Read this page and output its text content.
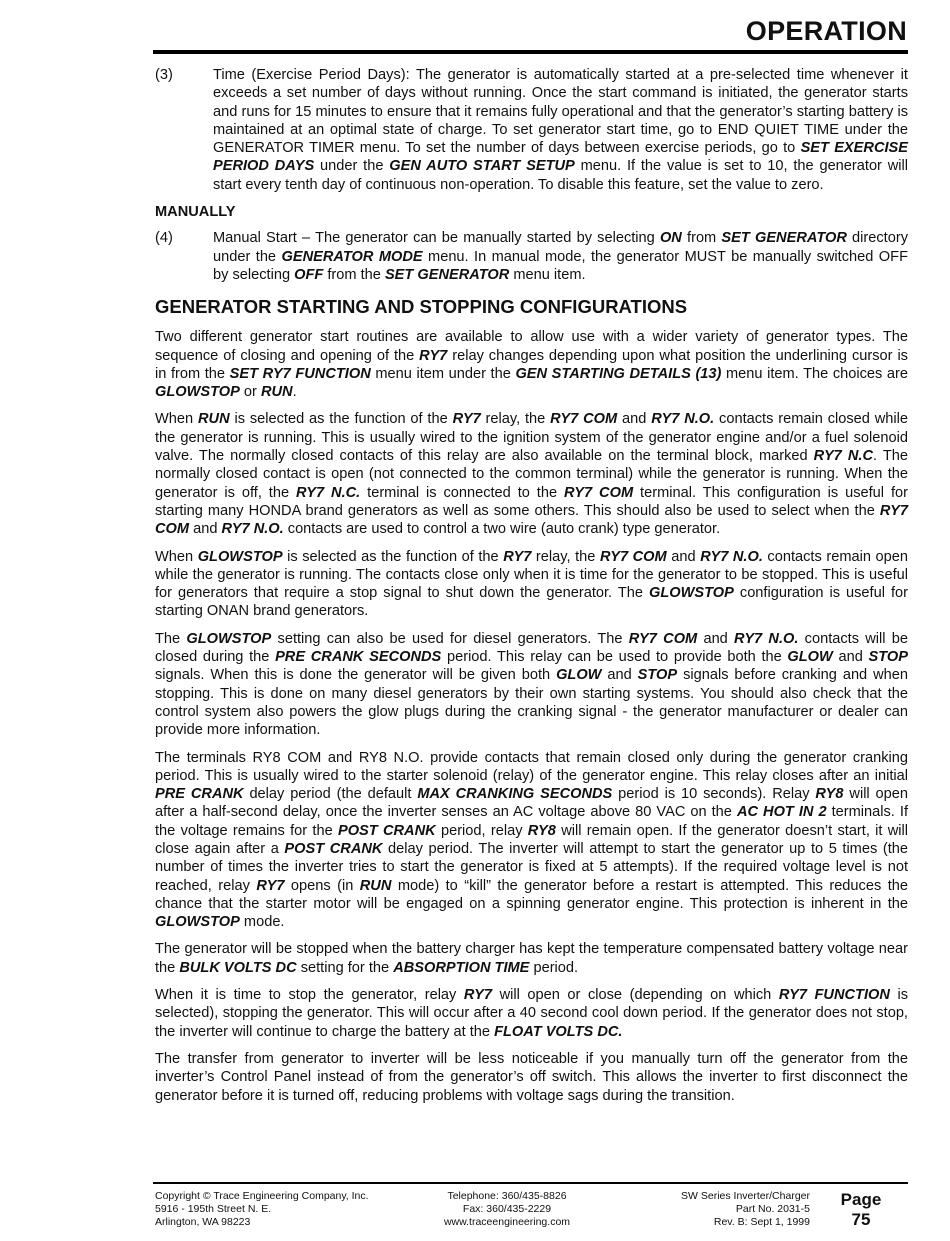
OPERATION
(3)	Time (Exercise Period Days): The generator is automatically started at a pre-selected time whenever it exceeds a set number of days without running. Once the start command is initiated, the generator starts and runs for 15 minutes to ensure that it remains fully operational and that the generator’s starting battery is maintained at an optimal state of charge. To set generator start time, go to END QUIET TIME under the GENERATOR TIMER menu. To set the number of days between exercise periods, go to SET EXERCISE PERIOD DAYS under the GEN AUTO START SETUP menu. If the value is set to 10, the generator will start every tenth day of continuous non-operation. To disable this feature, set the value to zero.
MANUALLY
(4)	Manual Start – The generator can be manually started by selecting ON from SET GENERATOR directory under the GENERATOR MODE menu. In manual mode, the generator MUST be manually switched OFF by selecting OFF from the SET GENERATOR menu item.
GENERATOR STARTING AND STOPPING CONFIGURATIONS

Two different generator start routines are available to allow use with a wider variety of generator types. The sequence of closing and opening of the RY7 relay changes depending upon what position the underlining cursor is in from the SET RY7 FUNCTION menu item under the GEN STARTING DETAILS (13) menu item. The choices are GLOWSTOP or RUN.

When RUN is selected as the function of the RY7 relay, the RY7 COM and RY7 N.O. contacts remain closed while the generator is running. This is usually wired to the ignition system of the generator engine and/or a fuel solenoid valve. The normally closed contacts of this relay are also available on the terminal block, marked RY7 N.C. The normally closed contact is open (not connected to the common terminal) while the generator is running. When the generator is off, the RY7 N.C. terminal is connected to the RY7 COM terminal. This configuration is useful for starting many HONDA brand generators as well as some others. This should also be used to select when the RY7 COM and RY7 N.O. contacts are used to control a two wire (auto crank) type generator.

When GLOWSTOP is selected as the function of the RY7 relay, the RY7 COM and RY7 N.O. contacts remain open while the generator is running. The contacts close only when it is time for the generator to be stopped. This is useful for generators that require a stop signal to shut down the generator. The GLOWSTOP configuration is useful for starting ONAN brand generators.

The GLOWSTOP setting can also be used for diesel generators. The RY7 COM and RY7 N.O. contacts will be closed during the PRE CRANK SECONDS period. This relay can be used to provide both the GLOW and STOP signals. When this is done the generator will be given both GLOW and STOP signals before cranking and when stopping. This is done on many diesel generators by their own starting systems. You should also check that the control system also powers the glow plugs during the cranking signal - the generator manufacturer or dealer can provide more information.

The terminals RY8 COM and RY8 N.O. provide contacts that remain closed only during the generator cranking period. This is usually wired to the starter solenoid (relay) of the generator engine. This relay closes after an initial PRE CRANK delay period (the default MAX CRANKING SECONDS period is 10 seconds). Relay RY8 will open after a half-second delay, once the inverter senses an AC voltage above 80 VAC on the AC HOT IN 2 terminals. If the voltage remains for the POST CRANK period, relay RY8 will remain open. If the generator doesn’t start, it will close again after a POST CRANK delay period. The inverter will attempt to start the generator up to 5 times (the number of times the inverter tries to start the generator is fixed at 5 attempts). If the required voltage level is not reached, relay RY7 opens (in RUN mode) to “kill” the generator before a restart is attempted. This reduces the chance that the starter motor will be engaged on a spinning generator engine. This protection is inherent in the GLOWSTOP mode.

The generator will be stopped when the battery charger has kept the temperature compensated battery voltage near the BULK VOLTS DC setting for the ABSORPTION TIME period.

When it is time to stop the generator, relay RY7 will open or close (depending on which RY7 FUNCTION is selected), stopping the generator. This will occur after a 40 second cool down period. If the generator does not stop, the inverter will continue to charge the battery at the FLOAT VOLTS DC.

The transfer from generator to inverter will be less noticeable if you manually turn off the generator from the inverter’s Control Panel instead of from the generator’s off switch. This allows the inverter to first disconnect the generator before it is turned off, reducing problems with voltage sags during the transition.

Copyright © Trace Engineering Company, Inc.
5916 - 195th Street N. E.
Arlington, WA 98223
Telephone: 360/435-8826
Fax: 360/435-2229
www.traceengineering.com
SW Series Inverter/Charger
Part No. 2031-5
Rev. B: Sept 1, 1999
Page
75
